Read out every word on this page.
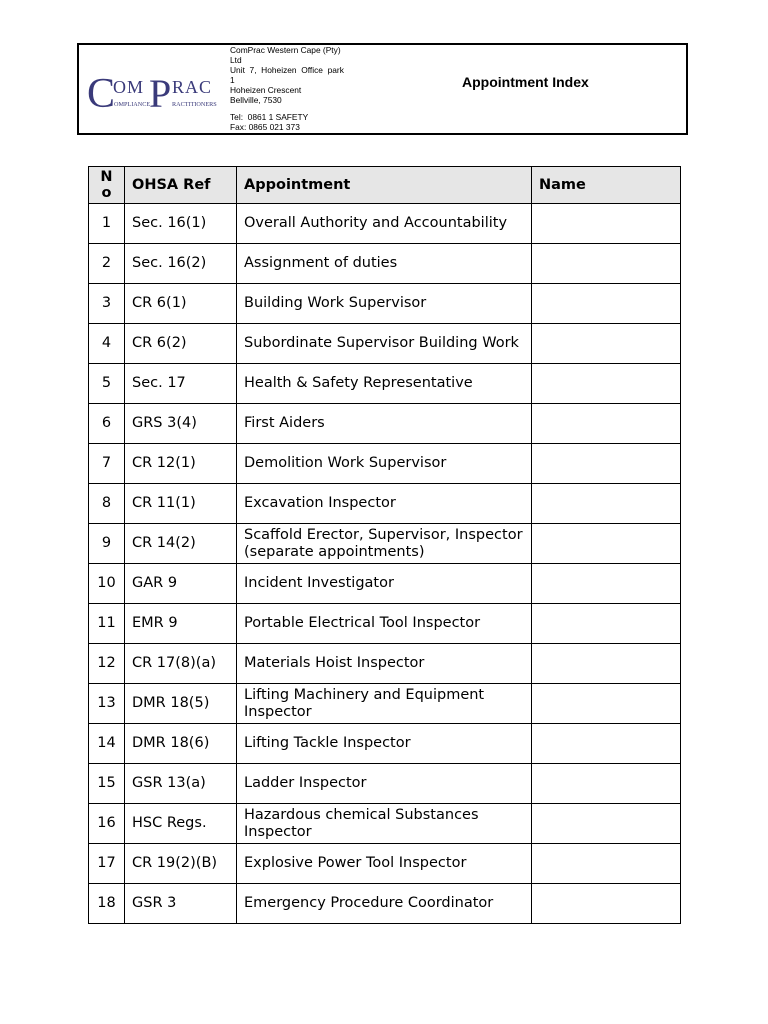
C
OM P RAC
OMPLIANCE	RACTITIONERS
ComPrac Western Cape (Pty)
Ltd
Unit  7,  Hoheizen  Office  park
1
Hoheizen Crescent
Bellville, 7530
Tel:  0861 1 SAFETY
Fax: 0865 021 373
Appointment Index
N
o	OHSA Ref	Appointment	Name
1	Sec. 16(1)	Overall Authority and Accountability	
2	Sec. 16(2)	Assignment of duties	
3	CR 6(1)	Building Work Supervisor	
4	CR 6(2)	Subordinate Supervisor Building Work	
5	Sec. 17	Health & Safety Representative	
6	GRS 3(4)	First Aiders	
7	CR 12(1)	Demolition Work Supervisor	
8	CR 11(1)	Excavation Inspector	
9	CR 14(2)	Scaffold Erector, Supervisor, Inspector (separate appointments)	
10	GAR 9	Incident Investigator	
11	EMR 9	Portable Electrical Tool Inspector	
12	CR 17(8)(a)	Materials Hoist Inspector	
13	DMR 18(5)	Lifting Machinery and Equipment Inspector	
14	DMR 18(6)	Lifting Tackle Inspector	
15	GSR 13(a)	Ladder Inspector	
16	HSC Regs.	Hazardous chemical Substances Inspector	
17	CR 19(2)(B)	Explosive Power Tool Inspector	
18	GSR 3	Emergency Procedure Coordinator	
